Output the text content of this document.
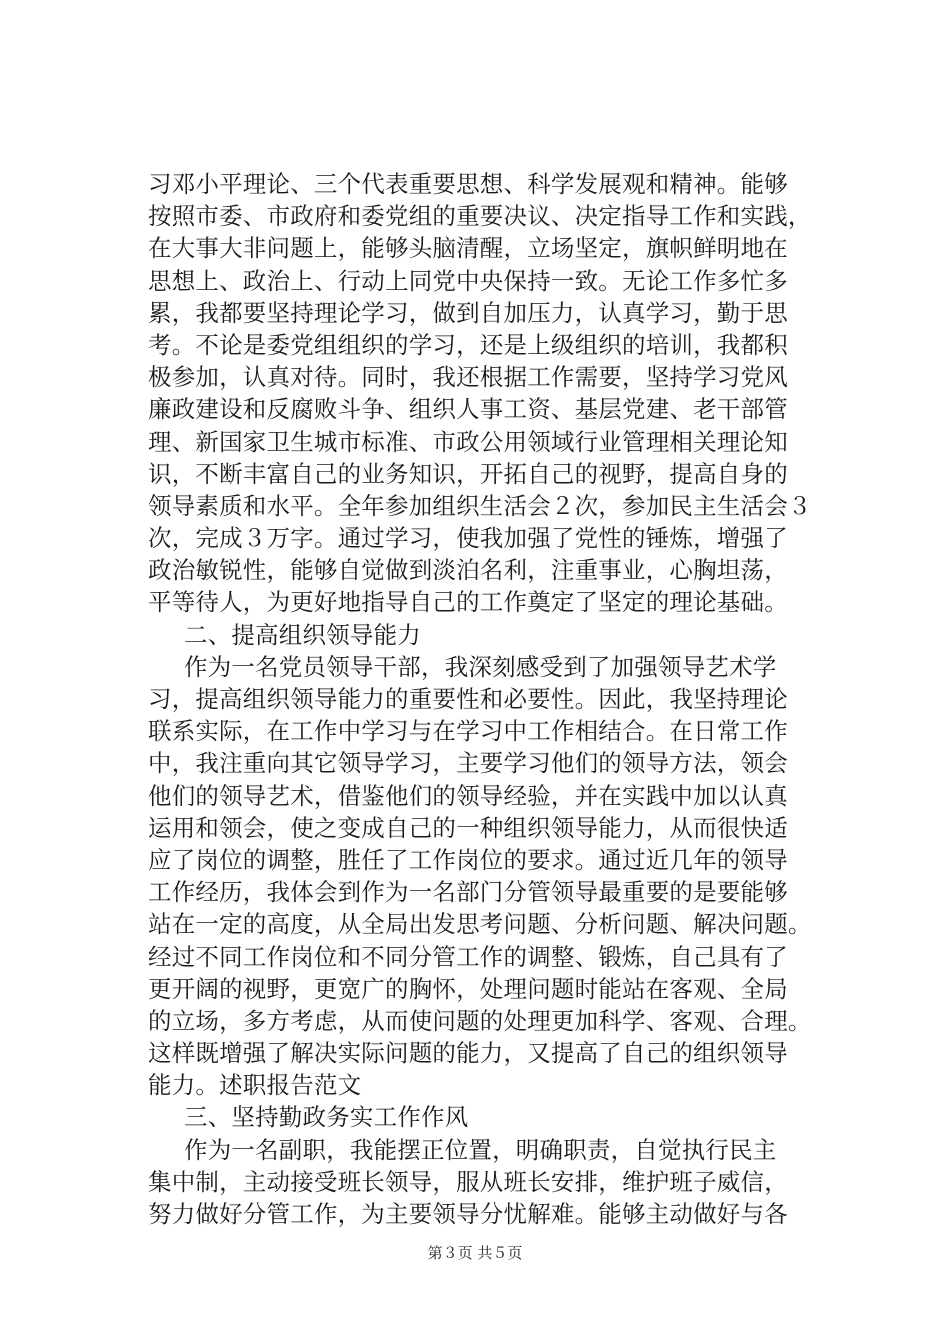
习邓小平理论、三个代表重要思想、科学发展观和精神。能够
按照市委、市政府和委党组的重要决议、决定指导工作和实践，
在大事大非问题上，能够头脑清醒，立场坚定，旗帜鲜明地在
思想上、政治上、行动上同党中央保持一致。无论工作多忙多
累，我都要坚持理论学习，做到自加压力，认真学习，勤于思
考。不论是委党组组织的学习，还是上级组织的培训，我都积
极参加，认真对待。同时，我还根据工作需要，坚持学习党风
廉政建设和反腐败斗争、组织人事工资、基层党建、老干部管
理、新国家卫生城市标准、市政公用领域行业管理相关理论知
识，不断丰富自己的业务知识，开拓自己的视野，提高自身的
领导素质和水平。全年参加组织生活会２次，参加民主生活会３
次，完成３万字。通过学习，使我加强了党性的锤炼，增强了
政治敏锐性，能够自觉做到淡泊名利，注重事业，心胸坦荡，
平等待人，为更好地指导自己的工作奠定了坚定的理论基础。
二、提高组织领导能力
作为一名党员领导干部，我深刻感受到了加强领导艺术学
习，提高组织领导能力的重要性和必要性。因此，我坚持理论
联系实际，在工作中学习与在学习中工作相结合。在日常工作
中，我注重向其它领导学习，主要学习他们的领导方法，领会
他们的领导艺术，借鉴他们的领导经验，并在实践中加以认真
运用和领会，使之变成自己的一种组织领导能力，从而很快适
应了岗位的调整，胜任了工作岗位的要求。通过近几年的领导
工作经历，我体会到作为一名部门分管领导最重要的是要能够
站在一定的高度，从全局出发思考问题、分析问题、解决问题。
经过不同工作岗位和不同分管工作的调整、锻炼，自己具有了
更开阔的视野，更宽广的胸怀，处理问题时能站在客观、全局
的立场，多方考虑，从而使问题的处理更加科学、客观、合理。
这样既增强了解决实际问题的能力，又提高了自己的组织领导
能力。述职报告范文
三、坚持勤政务实工作作风
作为一名副职，我能摆正位置，明确职责，自觉执行民主
集中制，主动接受班长领导，服从班长安排，维护班子威信，
努力做好分管工作，为主要领导分忧解难。能够主动做好与各
第３页 共５页
